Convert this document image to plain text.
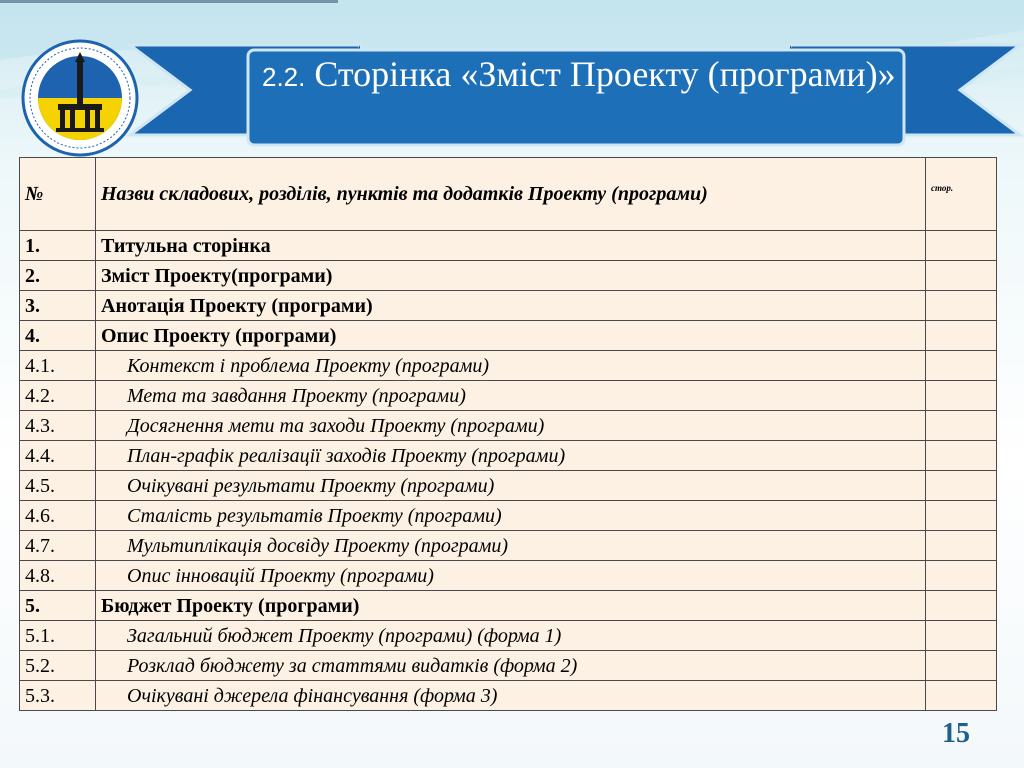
2.2. Сторінка «Зміст Проекту (програми)»
№	Назви складових, розділів, пунктів та додатків Проекту (програми)	стор.
1.	Титульна сторінка	
2.	Зміст Проекту(програми)	
3.	Анотація Проекту (програми)	
4.	Опис Проекту (програми)	
4.1.	Контекст і проблема Проекту (програми)	
4.2.	Мета та завдання Проекту (програми)	
4.3.	Досягнення мети та заходи Проекту (програми)	
4.4.	План-графік реалізації заходів Проекту (програми)	
4.5.	Очікувані результати Проекту (програми)	
4.6.	Сталість результатів Проекту (програми)	
4.7.	Мультиплікація досвіду Проекту (програми)	
4.8.	Опис інновацій Проекту (програми)	
5.	Бюджет Проекту (програми)	
5.1.	Загальний бюджет Проекту (програми) (форма 1)	
5.2.	Розклад бюджету за статтями видатків (форма 2)	
5.3.	Очікувані джерела фінансування (форма 3)	
15
